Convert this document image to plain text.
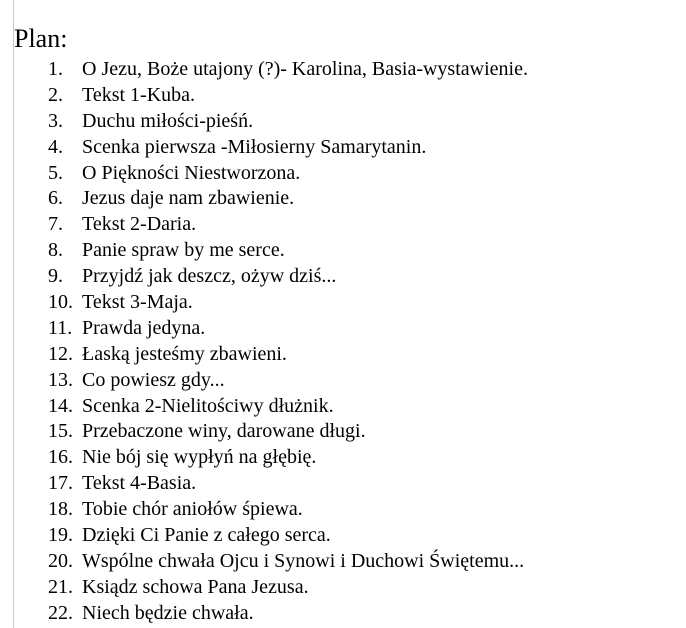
Plan:
1. O Jezu, Boże utajony (?)- Karolina, Basia-wystawienie.
2. Tekst 1-Kuba.
3. Duchu miłości-pieśń.
4. Scenka pierwsza -Miłosierny Samarytanin.
5. O Piękności Niestworzona.
6. Jezus daje nam zbawienie.
7. Tekst 2-Daria.
8. Panie spraw by me serce.
9. Przyjdź jak deszcz, ożyw dziś...
10. Tekst 3-Maja.
11. Prawda jedyna.
12. Łaską jesteśmy zbawieni.
13. Co powiesz gdy...
14. Scenka 2-Nielitościwy dłużnik.
15. Przebaczone winy, darowane długi.
16. Nie bój się wypłyń na głębię.
17. Tekst 4-Basia.
18. Tobie chór aniołów śpiewa.
19. Dzięki Ci Panie z całego serca.
20. Wspólne chwała Ojcu i Synowi i Duchowi Świętemu...
21. Ksiądz schowa Pana Jezusa.
22. Niech będzie chwała.
